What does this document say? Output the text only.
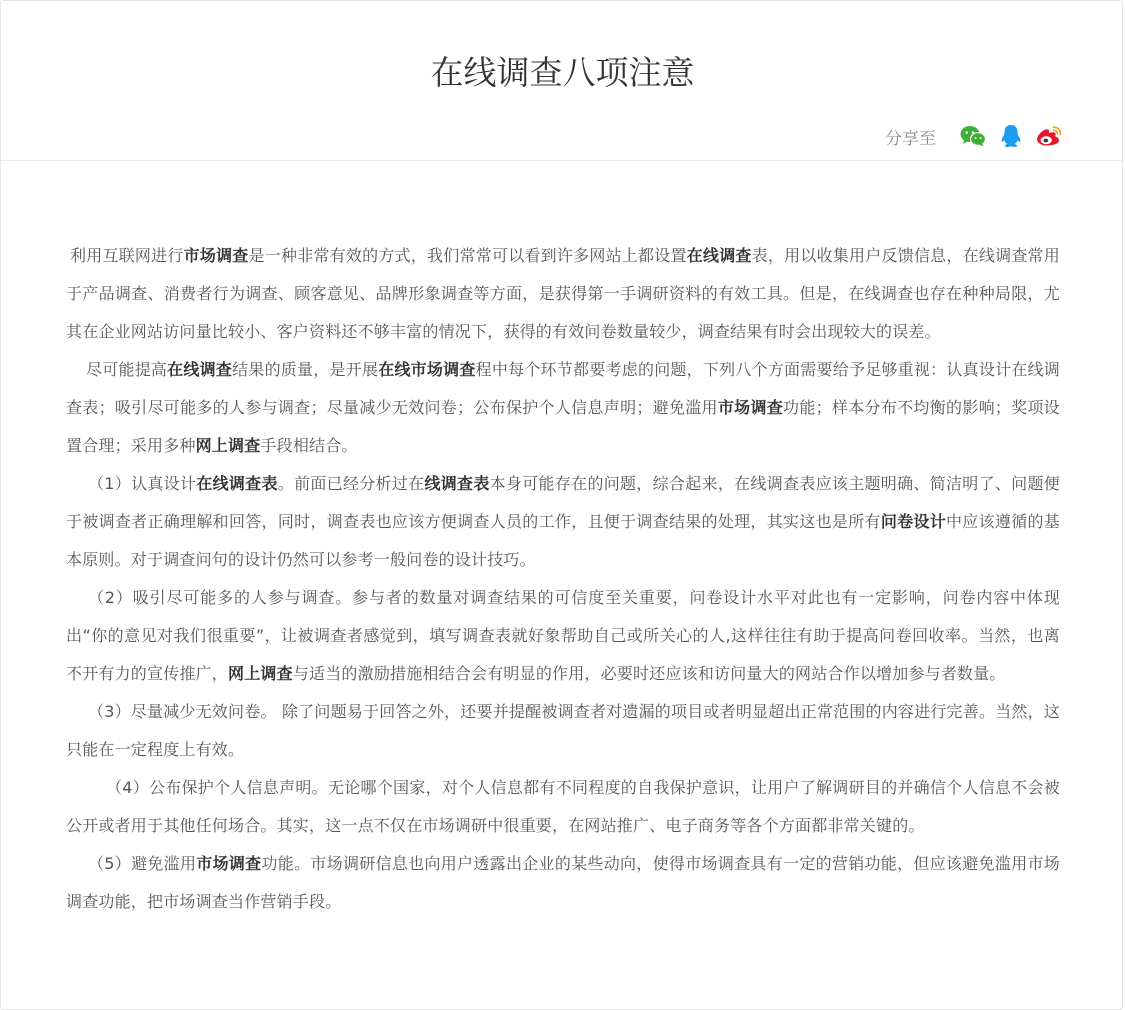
在线调查八项注意
分享至

利用互联网进行市场调查是一种非常有效的方式，我们常常可以看到许多网站上都设置在线调查表，用以收集用户反馈信息，在线调查常用于产品调查、消费者行为调查、顾客意见、品牌形象调查等方面，是获得第一手调研资料的有效工具。但是，在线调查也存在种种局限，尤其在企业网站访问量比较小、客户资料还不够丰富的情况下，获得的有效问卷数量较少，调查结果有时会出现较大的误差。

尽可能提高在线调查结果的质量，是开展在线市场调查程中每个环节都要考虑的问题，下列八个方面需要给予足够重视：认真设计在线调查表；吸引尽可能多的人参与调查；尽量减少无效问卷；公布保护个人信息声明；避免滥用市场调查功能；样本分布不均衡的影响；奖项设置合理；采用多种网上调查手段相结合。

（1）认真设计在线调查表。前面已经分析过在线调查表本身可能存在的问题，综合起来，在线调查表应该主题明确、简洁明了、问题便于被调查者正确理解和回答，同时，调查表也应该方便调查人员的工作，且便于调查结果的处理，其实这也是所有问卷设计中应该遵循的基本原则。对于调查问句的设计仍然可以参考一般问卷的设计技巧。

（2）吸引尽可能多的人参与调查。参与者的数量对调查结果的可信度至关重要，问卷设计水平对此也有一定影响，问卷内容中体现出“你的意见对我们很重要”，让被调查者感觉到，填写调查表就好象帮助自己或所关心的人,这样往往有助于提高问卷回收率。当然，也离不开有力的宣传推广，网上调查与适当的激励措施相结合会有明显的作用，必要时还应该和访问量大的网站合作以增加参与者数量。

（3）尽量减少无效问卷。 除了问题易于回答之外，还要并提醒被调查者对遗漏的项目或者明显超出正常范围的内容进行完善。当然，这只能在一定程度上有效。

（4）公布保护个人信息声明。无论哪个国家，对个人信息都有不同程度的自我保护意识，让用户了解调研目的并确信个人信息不会被公开或者用于其他任何场合。其实，这一点不仅在市场调研中很重要，在网站推广、电子商务等各个方面都非常关键的。

（5）避免滥用市场调查功能。市场调研信息也向用户透露出企业的某些动向，使得市场调查具有一定的营销功能，但应该避免滥用市场调查功能，把市场调查当作营销手段。
